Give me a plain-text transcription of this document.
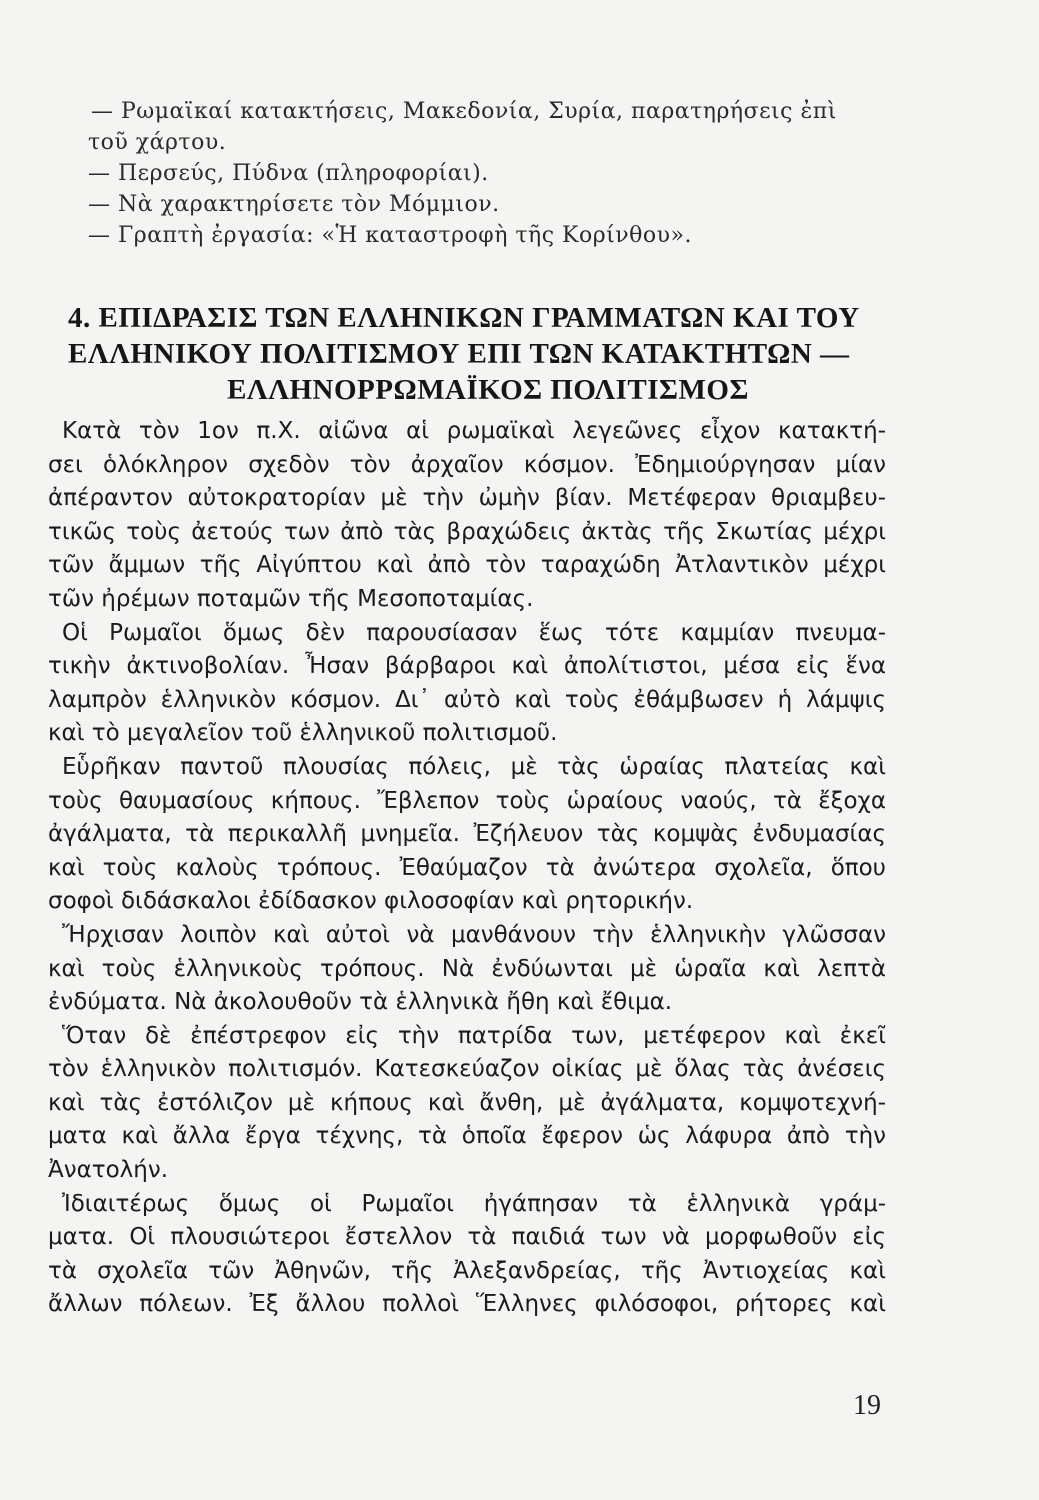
— Ρωμαϊκαί κατακτήσεις, Μακεδονία, Συρία, παρατηρήσεις ἐπὶ
τοῦ χάρτου.
— Περσεύς, Πύδνα (πληροφορίαι).
— Νὰ χαρακτηρίσετε τὸν Μόμμιον.
— Γραπτὴ ἐργασία: «Ἡ καταστροφὴ τῆς Κορίνθου».
4. ΕΠΙΔΡΑΣΙΣ ΤΩΝ ΕΛΛΗΝΙΚΩΝ ΓΡΑΜΜΑΤΩΝ ΚΑΙ ΤΟΥ
ΕΛΛΗΝΙΚΟΥ ΠΟΛΙΤΙΣΜΟΥ ΕΠΙ ΤΩΝ ΚΑΤΑΚΤΗΤΩΝ —
ΕΛΛΗΝΟΡΡΩΜΑΪΚΟΣ ΠΟΛΙΤΙΣΜΟΣ
Κατὰ τὸν 1ον π.Χ. αἰῶνα αἱ ρωμαϊκαὶ λεγεῶνες εἶχον κατακτή-
σει ὁλόκληρον σχεδὸν τὸν ἀρχαῖον κόσμον. Ἐδημιούργησαν μίαν
ἀπέραντον αὐτοκρατορίαν μὲ τὴν ὠμὴν βίαν. Μετέφεραν θριαμβευ-
τικῶς τοὺς ἀετούς των ἀπὸ τὰς βραχώδεις ἀκτὰς τῆς Σκωτίας μέχρι
τῶν ἄμμων τῆς Αἰγύπτου καὶ ἀπὸ τὸν ταραχώδη Ἀτλαντικὸν μέχρι
τῶν ἠρέμων ποταμῶν τῆς Μεσοποταμίας.
Οἱ Ρωμαῖοι ὅμως δὲν παρουσίασαν ἕως τότε καμμίαν πνευμα-
τικὴν ἀκτινοβολίαν. Ἦσαν βάρβαροι καὶ ἀπολίτιστοι, μέσα εἰς ἕνα
λαμπρὸν ἑλληνικὸν κόσμον. Δι᾽ αὐτὸ καὶ τοὺς ἐθάμβωσεν ἡ λάμψις
καὶ τὸ μεγαλεῖον τοῦ ἑλληνικοῦ πολιτισμοῦ.
Εὗρῆκαν παντοῦ πλουσίας πόλεις, μὲ τὰς ὡραίας πλατείας καὶ
τοὺς θαυμασίους κήπους. Ἔβλεπον τοὺς ὡραίους ναούς, τὰ ἔξοχα
ἀγάλματα, τὰ περικαλλῆ μνημεῖα. Ἐζήλευον τὰς κομψὰς ἐνδυμασίας
καὶ τοὺς καλοὺς τρόπους. Ἐθαύμαζον τὰ ἀνώτερα σχολεῖα, ὅπου
σοφοὶ διδάσκαλοι ἐδίδασκον φιλοσοφίαν καὶ ρητορικήν.
Ἤρχισαν λοιπὸν καὶ αὐτοὶ νὰ μανθάνουν τὴν ἑλληνικὴν γλῶσσαν
καὶ τοὺς ἑλληνικοὺς τρόπους. Νὰ ἐνδύωνται μὲ ὡραῖα καὶ λεπτὰ
ἐνδύματα. Νὰ ἀκολουθοῦν τὰ ἑλληνικὰ ἤθη καὶ ἔθιμα.
Ὅταν δὲ ἐπέστρεφον εἰς τὴν πατρίδα των, μετέφερον καὶ ἐκεῖ
τὸν ἑλληνικὸν πολιτισμόν. Κατεσκεύαζον οἰκίας μὲ ὅλας τὰς ἀνέσεις
καὶ τὰς ἐστόλιζον μὲ κήπους καὶ ἄνθη, μὲ ἀγάλματα, κομψοτεχνή-
ματα καὶ ἄλλα ἔργα τέχνης, τὰ ὁποῖα ἔφερον ὡς λάφυρα ἀπὸ τὴν
Ἀνατολήν.
Ἰδιαιτέρως ὅμως οἱ Ρωμαῖοι ἠγάπησαν τὰ ἑλληνικὰ γράμ-
ματα. Οἱ πλουσιώτεροι ἔστελλον τὰ παιδιά των νὰ μορφωθοῦν εἰς
τὰ σχολεῖα τῶν Ἀθηνῶν, τῆς Ἀλεξανδρείας, τῆς Ἀντιοχείας καὶ
ἄλλων πόλεων. Ἐξ ἄλλου πολλοὶ Ἕλληνες φιλόσοφοι, ρήτορες καὶ
19
